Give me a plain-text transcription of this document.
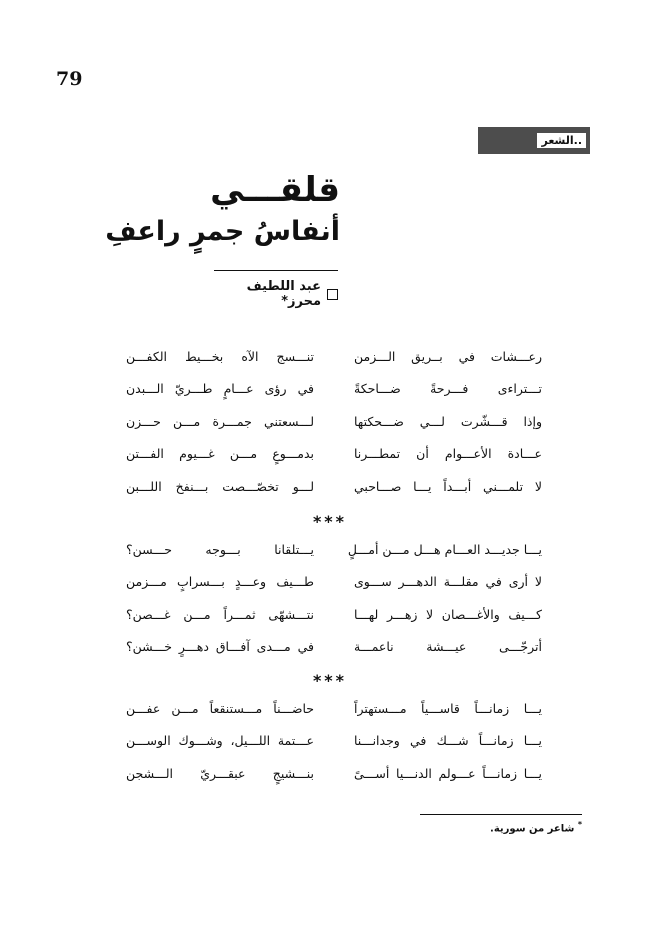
79
الشعر..
قلقـــي
أنفاسُ جمرٍ راعفِ
عبد اللطيف محرز*
رعـــشات في بــريق الـــزمن
تنـــسج الآه بخـــيط الكفـــن
تـــتراءى فـــرحةً ضـــاحكةً
في رؤى عـــامٍ طـــريّ الـــبدن
وإذا قـــشّرت لـــي ضـــحكتها
لـــسعتني جمـــرة مـــن حـــزن
عـــادة الأعـــوام أن تمطـــرنا
بدمـــوعٍ مـــن غـــيوم الفـــتن
لا تلمـــني أبـــداً يـــا صـــاحبي
لـــو تخصّـــصت بـــنفخ اللـــبن
***
يـــا جديـــد العـــام هـــل مـــن أمـــلٍ
يـــتلقانا بـــوجه حـــسن؟
لا أرى في مقلـــة الدهـــر ســـوى
طـــيف وعـــدٍ بـــسرابٍ مـــزمن
كـــيف والأغـــصان لا زهـــر لهـــا
نتـــشهّى ثمـــراً مـــن غـــصن؟
أترجّـــى عيـــشة ناعمـــة
في مـــدى آفـــاق دهـــرٍ خـــشن؟
***
يـــا زمانـــاً قاســـياً مـــستهتراً
حاضـــناً مـــستنقعاً مـــن عفـــن
يـــا زمانـــاً شـــك في وجدانـــنا
عـــتمة اللـــيل، وشـــوك الوســـن
يـــا زمانـــاً عـــولم الدنـــيا أســـىً
بنـــشيجٍ عبقـــريّ الـــشجن
* شاعر من سورية.
